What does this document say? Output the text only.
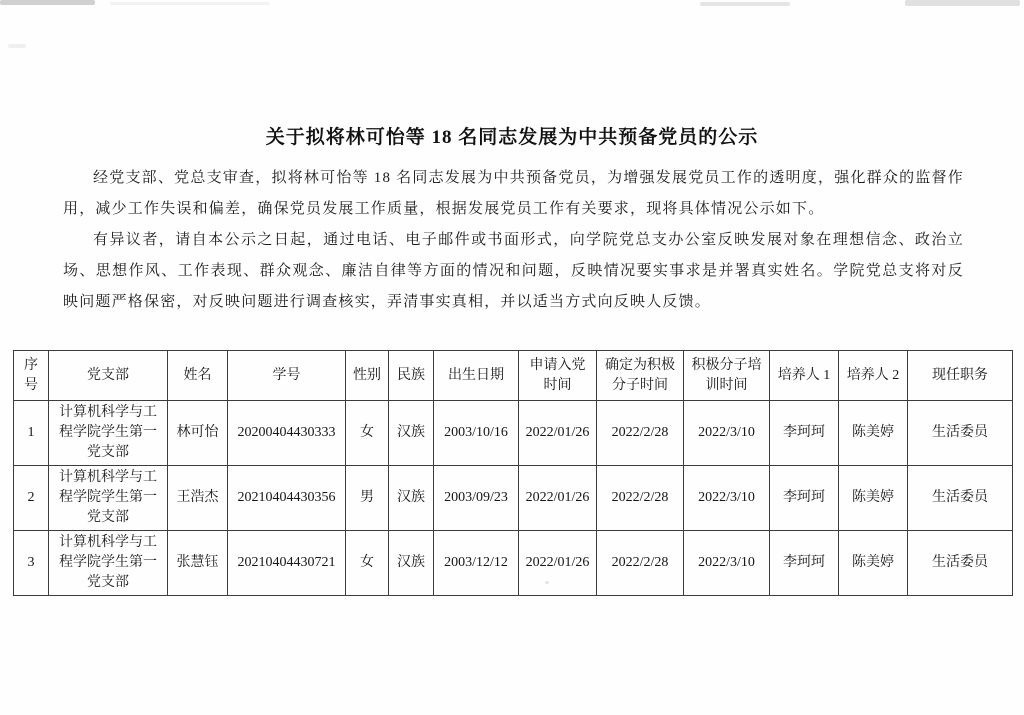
关于拟将林可怡等 18 名同志发展为中共预备党员的公示

经党支部、党总支审查，拟将林可怡等 18 名同志发展为中共预备党员，为增强发展党员工作的透明度，强化群众的监督作用，减少工作失误和偏差，确保党员发展工作质量，根据发展党员工作有关要求，现将具体情况公示如下。

有异议者，请自本公示之日起，通过电话、电子邮件或书面形式，向学院党总支办公室反映发展对象在理想信念、政治立场、思想作风、工作表现、群众观念、廉洁自律等方面的情况和问题，反映情况要实事求是并署真实姓名。学院党总支将对反映问题严格保密，对反映问题进行调查核实，弄清事实真相，并以适当方式向反映人反馈。

序号	党支部	姓名	学号	性别	民族	出生日期	申请入党时间	确定为积极分子时间	积极分子培训时间	培养人 1	培养人 2	现任职务
1	计算机科学与工程学院学生第一党支部	林可怡	20200404430333	女	汉族	2003/10/16	2022/01/26	2022/2/28	2022/3/10	李珂珂	陈美婷	生活委员
2	计算机科学与工程学院学生第一党支部	王浩杰	20210404430356	男	汉族	2003/09/23	2022/01/26	2022/2/28	2022/3/10	李珂珂	陈美婷	生活委员
3	计算机科学与工程学院学生第一党支部	张慧钰	20210404430721	女	汉族	2003/12/12	2022/01/26	2022/2/28	2022/3/10	李珂珂	陈美婷	生活委员
